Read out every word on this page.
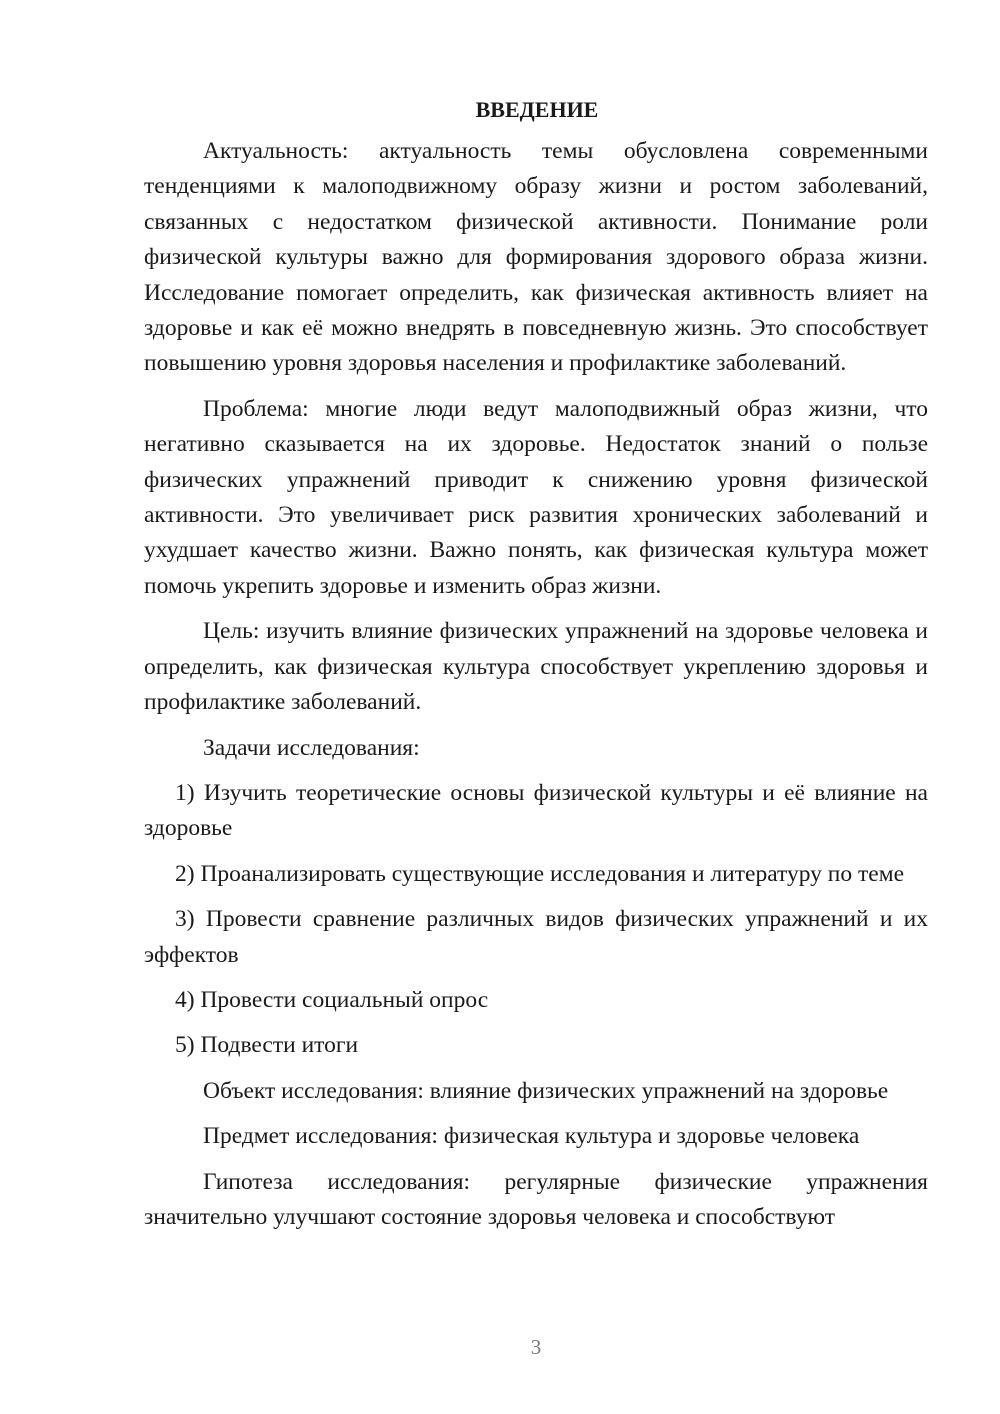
ВВЕДЕНИЕ

Актуальность: актуальность темы обусловлена современными тенденциями к малоподвижному образу жизни и ростом заболеваний, связанных с недостатком физической активности. Понимание роли физической культуры важно для формирования здорового образа жизни. Исследование помогает определить, как физическая активность влияет на здоровье и как её можно внедрять в повседневную жизнь. Это способствует повышению уровня здоровья населения и профилактике заболеваний.

Проблема: многие люди ведут малоподвижный образ жизни, что негативно сказывается на их здоровье. Недостаток знаний о пользе физических упражнений приводит к снижению уровня физической активности. Это увеличивает риск развития хронических заболеваний и ухудшает качество жизни. Важно понять, как физическая культура может помочь укрепить здоровье и изменить образ жизни.

Цель: изучить влияние физических упражнений на здоровье человека и определить, как физическая культура способствует укреплению здоровья и профилактике заболеваний.

Задачи исследования:

1) Изучить теоретические основы физической культуры и её влияние на здоровье

2) Проанализировать существующие исследования и литературу по теме

3) Провести сравнение различных видов физических упражнений и их эффектов

4) Провести социальный опрос

5) Подвести итоги

Объект исследования: влияние физических упражнений на здоровье

Предмет исследования: физическая культура и здоровье человека

Гипотеза исследования: регулярные физические упражнения значительно улучшают состояние здоровья человека и способствуют

3
